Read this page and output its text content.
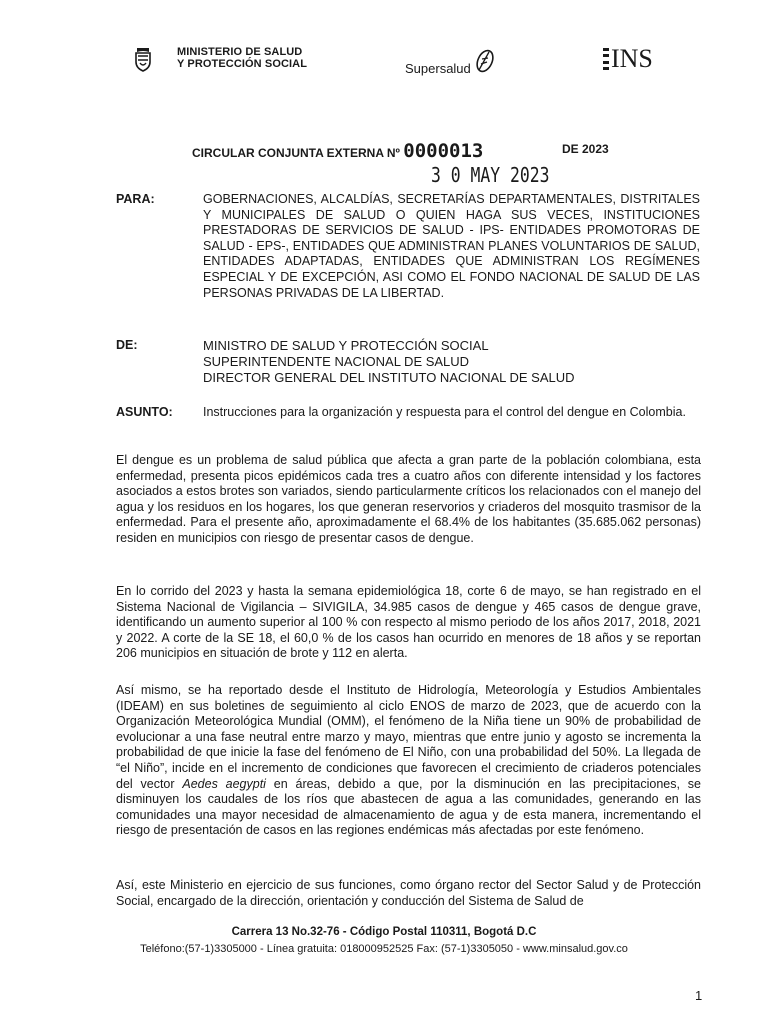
MINISTERIO DE SALUD
Y PROTECCIÓN SOCIAL	Supersalud	INS
CIRCULAR CONJUNTA EXTERNA Nº 0000013	DE 2023
3 0 MAY 2023
PARA:	GOBERNACIONES, ALCALDÍAS, SECRETARÍAS DEPARTAMENTALES, DISTRITALES Y MUNICIPALES DE SALUD O QUIEN HAGA SUS VECES, INSTITUCIONES PRESTADORAS DE SERVICIOS DE SALUD - IPS- ENTIDADES PROMOTORAS DE SALUD - EPS-, ENTIDADES QUE ADMINISTRAN PLANES VOLUNTARIOS DE SALUD, ENTIDADES ADAPTADAS, ENTIDADES QUE ADMINISTRAN LOS REGÍMENES ESPECIAL Y DE EXCEPCIÓN, ASI COMO EL FONDO NACIONAL DE SALUD DE LAS PERSONAS PRIVADAS DE LA LIBERTAD.
DE:	MINISTRO DE SALUD Y PROTECCIÓN SOCIAL
SUPERINTENDENTE NACIONAL DE SALUD
DIRECTOR GENERAL DEL INSTITUTO NACIONAL DE SALUD
ASUNTO: Instrucciones para la organización y respuesta para el control del dengue en Colombia.
El dengue es un problema de salud pública que afecta a gran parte de la población colombiana, esta enfermedad, presenta picos epidémicos cada tres a cuatro años con diferente intensidad y los factores asociados a estos brotes son variados, siendo particularmente críticos los relacionados con el manejo del agua y los residuos en los hogares, los que generan reservorios y criaderos del mosquito trasmisor de la enfermedad. Para el presente año, aproximadamente el 68.4% de los habitantes (35.685.062 personas) residen en municipios con riesgo de presentar casos de dengue.
En lo corrido del 2023 y hasta la semana epidemiológica 18, corte 6 de mayo, se han registrado en el Sistema Nacional de Vigilancia – SIVIGILA, 34.985 casos de dengue y 465 casos de dengue grave, identificando un aumento superior al 100 % con respecto al mismo periodo de los años 2017, 2018, 2021 y 2022. A corte de la SE 18, el 60,0 % de los casos han ocurrido en menores de 18 años y se reportan 206 municipios en situación de brote y 112 en alerta.
Así mismo, se ha reportado desde el Instituto de Hidrología, Meteorología y Estudios Ambientales (IDEAM) en sus boletines de seguimiento al ciclo ENOS de marzo de 2023, que de acuerdo con la Organización Meteorológica Mundial (OMM), el fenómeno de la Niña tiene un 90% de probabilidad de evolucionar a una fase neutral entre marzo y mayo, mientras que entre junio y agosto se incrementa la probabilidad de que inicie la fase del fenómeno de El Niño, con una probabilidad del 50%. La llegada de “el Niño”, incide en el incremento de condiciones que favorecen el crecimiento de criaderos potenciales del vector Aedes aegypti en áreas, debido a que, por la disminución en las precipitaciones, se disminuyen los caudales de los ríos que abastecen de agua a las comunidades, generando en las comunidades una mayor necesidad de almacenamiento de agua y de esta manera, incrementando el riesgo de presentación de casos en las regiones endémicas más afectadas por este fenómeno.
Así, este Ministerio en ejercicio de sus funciones, como órgano rector del Sector Salud y de Protección Social, encargado de la dirección, orientación y conducción del Sistema de Salud de
Carrera 13 No.32-76 - Código Postal 110311, Bogotá D.C
Teléfono:(57-1)3305000 - Línea gratuita: 018000952525 Fax: (57-1)3305050 - www.minsalud.gov.co
1
